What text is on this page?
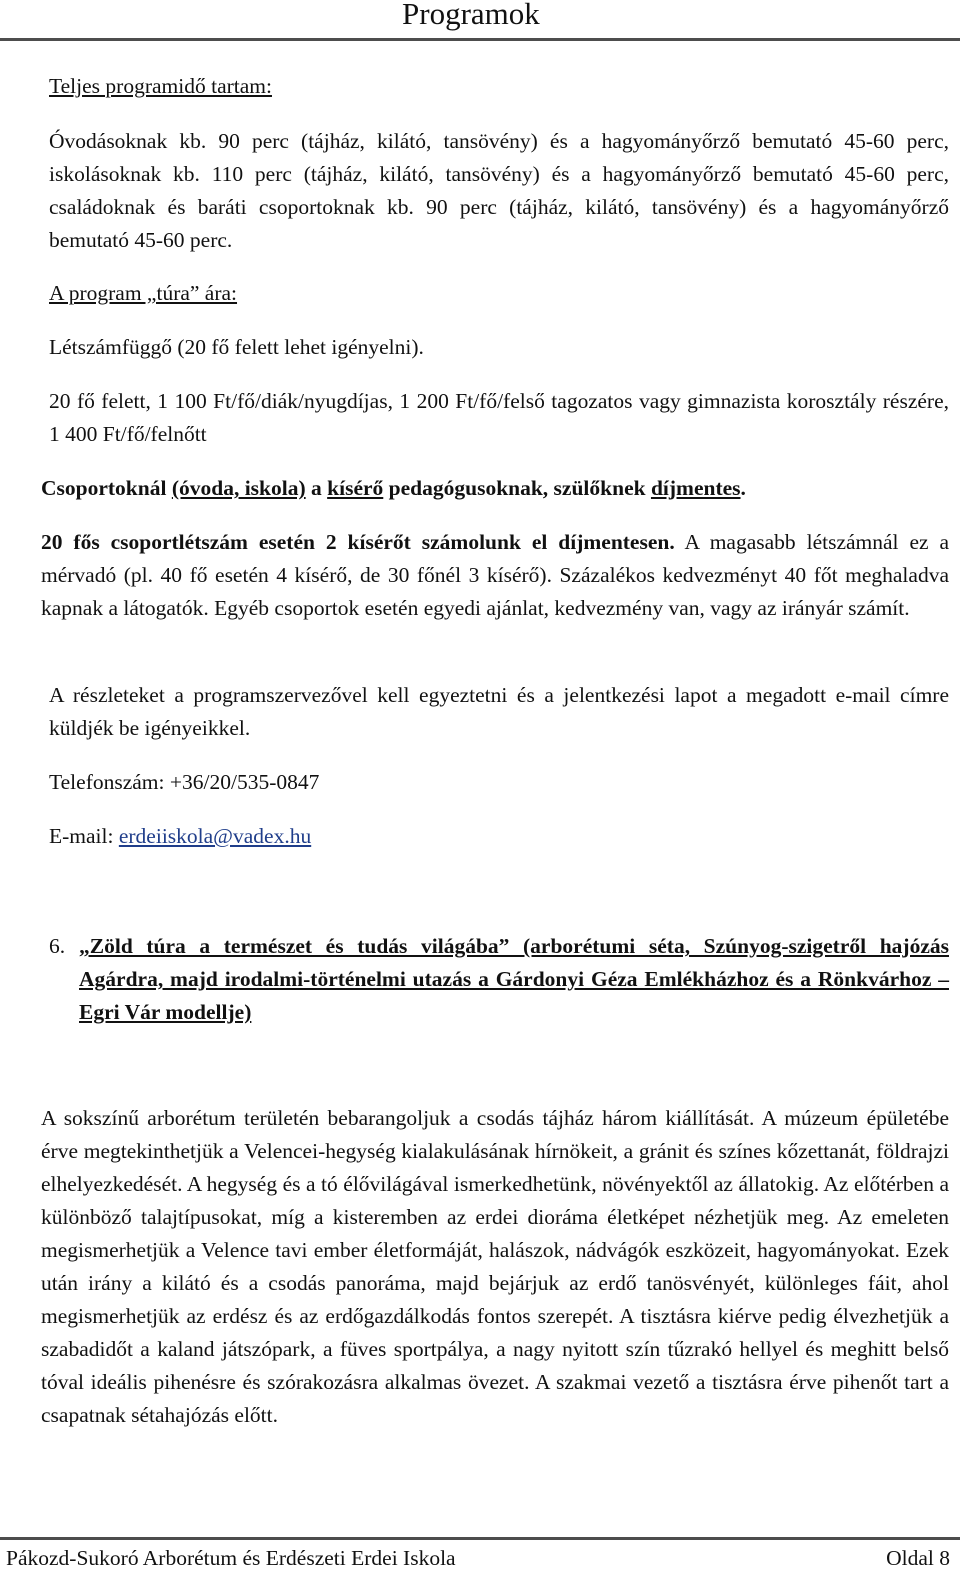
Programok

Teljes programidő tartam:

Óvodásoknak kb. 90 perc (tájház, kilátó, tansövény) és a hagyományőrző bemutató 45-60 perc, iskolásoknak kb. 110 perc (tájház, kilátó, tansövény) és a hagyományőrző bemutató 45-60 perc, családoknak és baráti csoportoknak kb. 90 perc (tájház, kilátó, tansövény) és a hagyományőrző bemutató 45-60 perc.

A program „túra” ára:

Létszámfüggő (20 fő felett lehet igényelni).

20 fő felett, 1 100 Ft/fő/diák/nyugdíjas, 1 200 Ft/fő/felső tagozatos vagy gimnazista korosztály részére, 1 400 Ft/fő/felnőtt

Csoportoknál (óvoda, iskola) a kísérő pedagógusoknak, szülőknek díjmentes.

20 fős csoportlétszám esetén 2 kísérőt számolunk el díjmentesen. A magasabb létszámnál ez a mérvadó (pl. 40 fő esetén 4 kísérő, de 30 főnél 3 kísérő). Százalékos kedvezményt 40 főt meghaladva kapnak a látogatók. Egyéb csoportok esetén egyedi ajánlat, kedvezmény van, vagy az irányár számít.

A részleteket a programszervezővel kell egyeztetni és a jelentkezési lapot a megadott e-mail címre küldjék be igényeikkel.

Telefonszám: +36/20/535-0847

E-mail: erdeiiskola@vadex.hu

6. „Zöld túra a természet és tudás világába” (arborétumi séta, Szúnyog-szigetről hajózás Agárdra, majd irodalmi-történelmi utazás a Gárdonyi Géza Emlékházhoz és a Rönkvárhoz – Egri Vár modellje)

A sokszínű arborétum területén bebarangoljuk a csodás tájház három kiállítását. A múzeum épületébe érve megtekinthetjük a Velencei-hegység kialakulásának hírnökeit, a gránit és színes kőzettanát, földrajzi elhelyezkedését. A hegység és a tó élővilágával ismerkedhetünk, növényektől az állatokig. Az előtérben a különböző talajtípusokat, míg a kisteremben az erdei dioráma életképet nézhetjük meg. Az emeleten megismerhetjük a Velence tavi ember életformáját, halászok, nádvágók eszközeit, hagyományokat. Ezek után irány a kilátó és a csodás panoráma, majd bejárjuk az erdő tanösvényét, különleges fáit, ahol megismerhetjük az erdész és az erdőgazdálkodás fontos szerepét. A tisztásra kiérve pedig élvezhetjük a szabadidőt a kaland játszópark, a füves sportpálya, a nagy nyitott szín tűzrakó hellyel és meghitt belső tóval ideális pihenésre és szórakozásra alkalmas övezet. A szakmai vezető a tisztásra érve pihenőt tart a csapatnak sétahajózás előtt.

Pákozd-Sukoró Arborétum és Erdészeti Erdei Iskola	Oldal 8
